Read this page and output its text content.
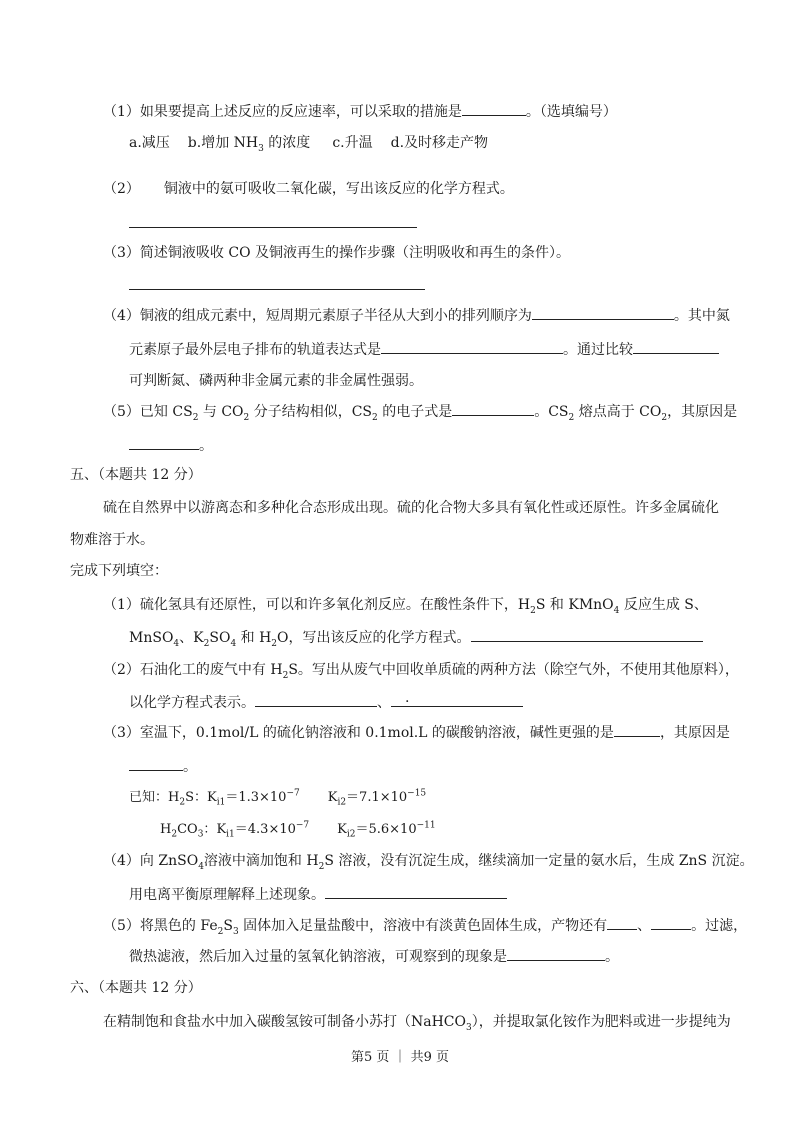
（1）如果要提高上述反应的反应速率，可以采取的措施是	。（选填编号）
a.减压 b.增加 $NH_3$ 的浓度 c.升温 d.及时移走产物
（2） 铜液中的氨可吸收二氧化碳，写出该反应的化学方程式。
（3）简述铜液吸收 CO 及铜液再生的操作步骤（注明吸收和再生的条件）。
（4）铜液的组成元素中，短周期元素原子半径从大到小的排列顺序为	。其中氮
元素原子最外层电子排布的轨道表达式是	。通过比较
可判断氮、磷两种非金属元素的非金属性强弱。
（5）已知 $CS_2$ 与 $CO_2$ 分子结构相似，$CS_2$ 的电子式是	。$CS_2$ 熔点高于 $CO_2$，其原因是
。
五、（本题共 12 分）
硫在自然界中以游离态和多种化合态形成出现。硫的化合物大多具有氧化性或还原性。许多金属硫化
物难溶于水。
完成下列填空：
（1）硫化氢具有还原性，可以和许多氧化剂反应。在酸性条件下，$H_2S$ 和 KMnO$_4$ 反应生成 S、
MnSO$_4$、$K_2SO_4$ 和 $H_2O$，写出该反应的化学方程式。
（2）石油化工的废气中有 $H_2S$。写出从废气中回收单质硫的两种方法（除空气外，不使用其他原料），
以化学方程式表示。	、 .
（3）室温下，0.1mol/L 的硫化钠溶液和 0.1mol.L 的碳酸钠溶液，碱性更强的是	，其原因是
。
已知：$H_2S$：$K_{i1}=1.3\times 10^{-7}$ $K_{i2}=7.1\times 10^{-15}$
$H_2CO_3$：$K_{i1}=4.3\times 10^{-7}$ $K_{i2}=5.6\times 10^{-11}$
（4）向 ZnSO$_4$溶液中滴加饱和 $H_2S$ 溶液，没有沉淀生成，继续滴加一定量的氨水后，生成 ZnS 沉淀。
用电离平衡原理解释上述现象。
（5）将黑色的 $Fe_2S_3$ 固体加入足量盐酸中，溶液中有淡黄色固体生成，产物还有 、	。过滤，
微热滤液，然后加入过量的氢氧化钠溶液，可观察到的现象是	。
六、（本题共 12 分）
在精制饱和食盐水中加入碳酸氢铵可制备小苏打（NaHCO$_3$），并提取氯化铵作为肥料或进一步提纯为
第5 页 ｜ 共9 页
